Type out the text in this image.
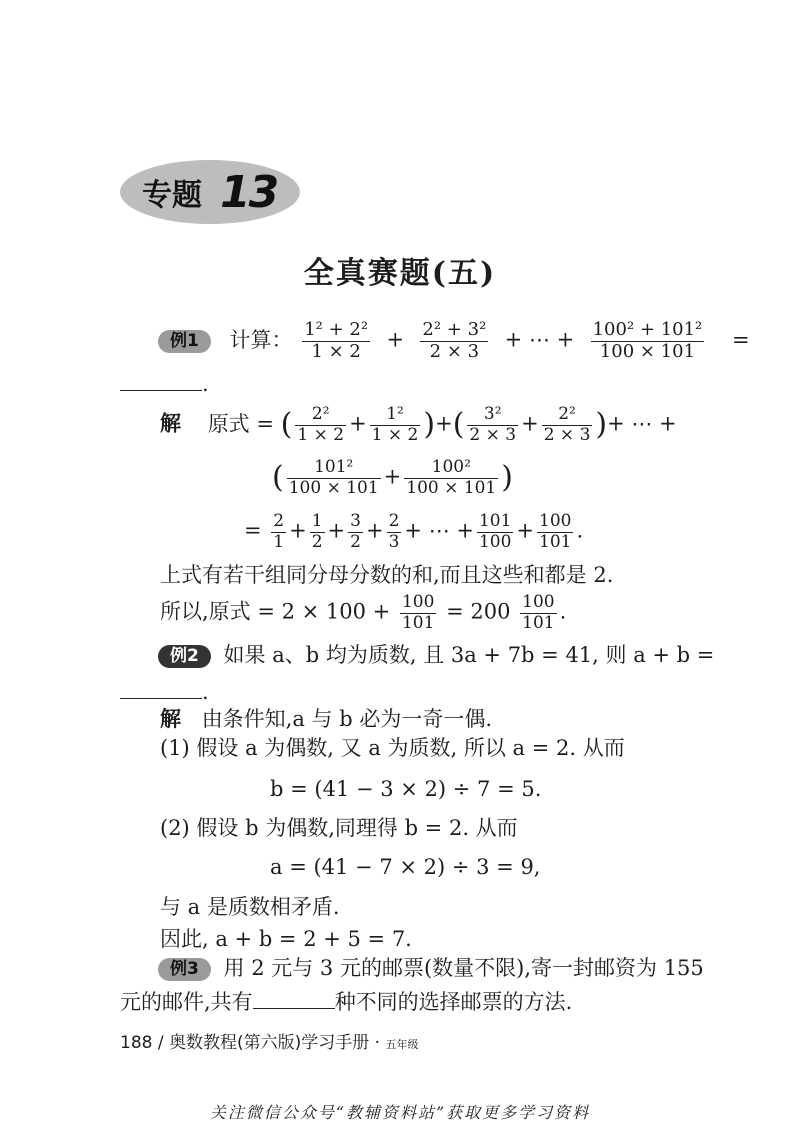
专题 13
全真赛题(五)
例1 计算： $\frac{\text{1² + 2²}}{1 \times 2} + \frac{\text{2² + 3²}}{2 \times 3}$ + ⋯ + $\frac{\text{100² + 101²}}{100 \times 101}$ =
.
解 原式 = ( $\frac{\text{2²}}{1 \times 2} + \frac{\text{1²}}{1 \times 2}$ )+( $\frac{\text{3²}}{2 \times 3} + \frac{\text{2²}}{2 \times 3}$ )+ ⋯ +
( $\frac{\text{101²}}{100 \times 101} + \frac{\text{100²}}{100 \times 101}$ )
= $\frac{2}{1} + \frac{1}{2} + \frac{3}{2} + \frac{2}{3}$ + ⋯ + $\frac{101}{100} + \frac{100}{101}$ .
上式有若干组同分母分数的和,而且这些和都是 2.
所以,原式 = $2 \times 100 + \frac{100}{101} = 200 \frac{100}{101}$ .
例2 如果 a、b 均为质数, 且 3a + 7b = 41, 则 a + b =
.
解 由条件知,a 与 b 必为一奇一偶.
(1) 假设 a 为偶数, 又 a 为质数, 所以 a = 2. 从而
b = (41 − 3 × 2) ÷ 7 = 5.
(2) 假设 b 为偶数,同理得 b = 2. 从而
a = (41 − 7 × 2) ÷ 3 = 9,
与 a 是质数相矛盾.
因此, a + b = 2 + 5 = 7.
例3 用 2 元与 3 元的邮票(数量不限),寄一封邮资为 155
元的邮件,共有	种不同的选择邮票的方法.
188 / 奥数教程(第六版)学习手册 · 五年级
关注微信公众号“教辅资料站”获取更多学习资料
